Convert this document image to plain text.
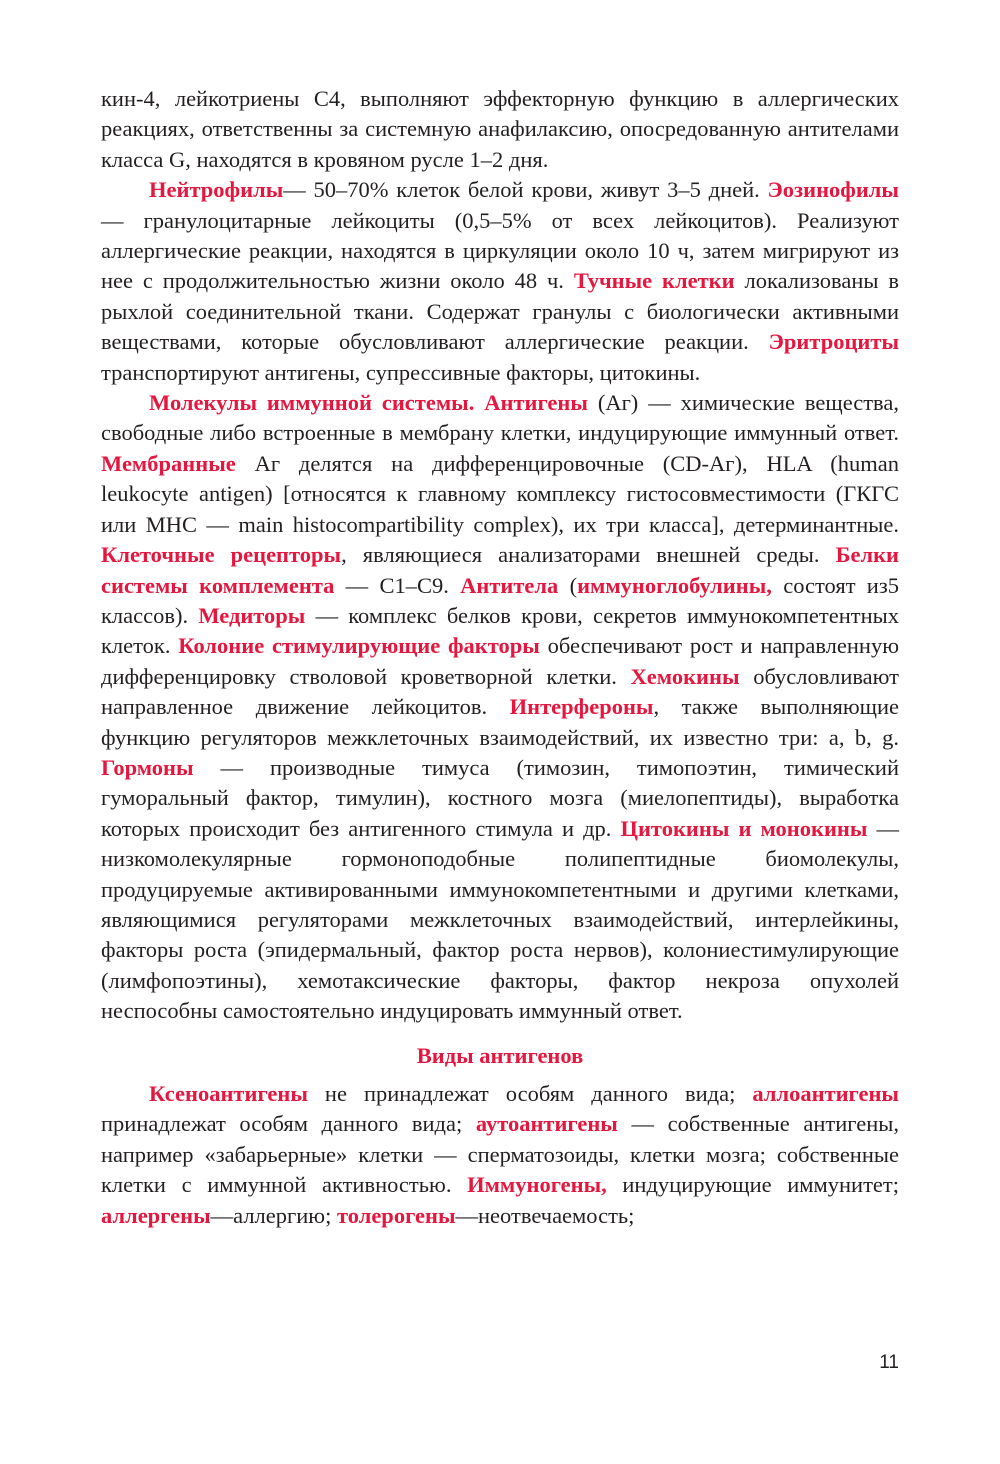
кин-4, лейкотриены С4, выполняют эффекторную функцию в аллергических реакциях, ответственны за системную анафилаксию, опосредованную антителами класса G, находятся в кровяном русле 1–2 дня.

Нейтрофилы— 50–70% клеток белой крови, живут 3–5 дней. Эозинофилы — гранулоцитарные лейкоциты (0,5–5% от всех лейкоцитов). Реализуют аллергические реакции, находятся в циркуляции около 10 ч, затем мигрируют из нее с продолжительностью жизни около 48 ч. Тучные клетки локализованы в рыхлой соединительной ткани. Содержат гранулы с биологически активными веществами, которые обусловливают аллергические реакции. Эритроциты транспортируют антигены, супрессивные факторы, цитокины.

Молекулы иммунной системы. Антигены (Аг) — химические вещества, свободные либо встроенные в мембрану клетки, индуцирующие иммунный ответ. Мембранные Аг делятся на дифференцировочные (CD-Аг), HLA (human leukocyte antigen) [относятся к главному комплексу гистосовместимости (ГКГС или МНС — main histocompartibility complex), их три класса], детерминантные. Клеточные рецепторы, являющиеся анализаторами внешней среды. Белки системы комплемента — С1–С9. Антитела (иммуноглобулины, состоят из5 классов). Медиторы — комплекс белков крови, секретов иммунокомпетентных клеток. Колоние стимулирующие факторы обеспечивают рост и направленную дифференцировку стволовой кроветворной клетки. Хемокины обусловливают направленное движение лейкоцитов. Интерфероны, также выполняющие функцию регуляторов межклеточных взаимодействий, их известно три: a, b, g. Гормоны — производные тимуса (тимозин, тимопоэтин, тимический гуморальный фактор, тимулин), костного мозга (миелопептиды), выработка которых происходит без антигенного стимула и др. Цитокины и монокины — низкомолекулярные гормоноподобные полипептидные биомолекулы, продуцируемые активированными иммунокомпетентными и другими клетками, являющимися регуляторами межклеточных взаимодействий, интерлейкины, факторы роста (эпидермальный, фактор роста нервов), колониестимулирующие (лимфопоэтины), хемотаксические факторы, фактор некроза опухолей неспособны самостоятельно индуцировать иммунный ответ.

Виды антигенов

Ксеноантигены не принадлежат особям данного вида; аллоантигены принадлежат особям данного вида; аутоантигены — собственные антигены, например «забарьерные» клетки — сперматозоиды, клетки мозга; собственные клетки с иммунной активностью. Иммуногены, индуцирующие иммунитет; аллергены—аллергию; толерогены—неотвечаемость;

11
